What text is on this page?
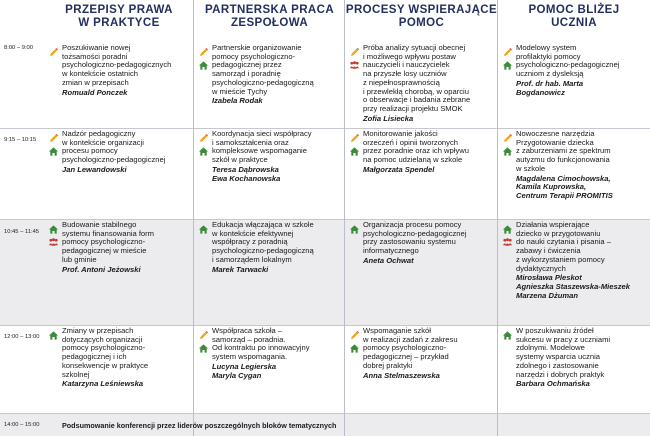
PRZEPISY PRAWA
W PRAKTYCE
PARTNERSKA PRACA
ZESPOŁOWA
PROCESY WSPIERAJĄCE
POMOC
POMOC BLIŻEJ
UCZNIA
8:00 – 9:00
9:15 – 10:15
10:45 – 11:45
12:00 – 13:00
14:00 – 15:00
Poszukiwanie nowej
tożsamości poradni
psychologiczno-pedagogicznych
w kontekście ostatnich
zmian w przepisach
Romuald Ponczek
Partnerskie organizowanie
pomocy psychologiczno-
pedagogicznej przez
samorząd i poradnię
psychologiczno-pedagogiczną
w mieście Tychy
Izabela Rodak
Próba analizy sytuacji obecnej
i możliwego wpływu postaw
nauczycieli i nauczycielek
na przyszłe losy uczniów
z niepełnosprawnością
i przewlekłą chorobą, w oparciu
o obserwacje i badania zebrane
przy realizacji projektu SMOK
Zofia Lisiecka
Modelowy system
profilaktyki pomocy
psychologiczno-pedagogicznej
uczniom z dysleksją
Prof. dr hab. Marta
Bogdanowicz
Nadzór pedagogiczny
w kontekście organizacji
procesu pomocy
psychologiczno-pedagogicznej
Jan Lewandowski
Koordynacja sieci współpracy
i samokształcenia oraz
kompleksowe wspomaganie
szkół w praktyce
Teresa Dąbrowska
Ewa Kochanowska
Monitorowanie jakości
orzeczeń i opinii tworzonych
przez poradnie oraz ich wpływu
na pomoc udzielaną w szkole
Małgorzata Spendel
Nowoczesne narzędzia
Przygotowanie dziecka
z zaburzeniami ze spektrum
autyzmu do funkcjonowania
w szkole
Magdalena Cimochowska,
Kamila Kuprowska,
Centrum Terapii PROMITIS
Budowanie stabilnego
systemu finansowania form
pomocy psychologiczno-
pedagogicznej w mieście
lub gminie
Prof. Antoni Jeżowski
Edukacja włączająca w szkole
w kontekście efektywnej
współpracy z poradnią
psychologiczno-pedagogiczną
i samorządem lokalnym
Marek Tarwacki
Organizacja procesu pomocy
psychologiczno-pedagogicznej
przy zastosowaniu systemu
informatycznego
Aneta Ochwat
Działania wspierające
dziecko w przygotowaniu
do nauki czytania i pisania –
zabawy i ćwiczenia
z wykorzystaniem pomocy
dydaktycznych
Mirosława Pleskot
Agnieszka Staszewska-Mieszek
Marzena Dżuman
Zmiany w przepisach
dotyczących organizacji
pomocy psychologiczno-
pedagogicznej i ich
konsekwencje w praktyce
szkolnej
Katarzyna Leśniewska
Współpraca szkoła –
samorząd – poradnia.
Od kontraktu po innowacyjny
system wspomagania.
Lucyna Legierska
Maryla Cygan
Wspomaganie szkół
w realizacji zadań z zakresu
pomocy psychologiczno-
pedagogicznej – przykład
dobrej praktyki
Anna Stelmaszewska
W poszukiwaniu źródeł
sukcesu w pracy z uczniami
zdolnymi. Modelowe
systemy wsparcia ucznia
zdolnego i zastosowanie
narzędzi i dobrych praktyk
Barbara Ochmańska
Podsumowanie konferencji przez liderów poszczególnych bloków tematycznych
